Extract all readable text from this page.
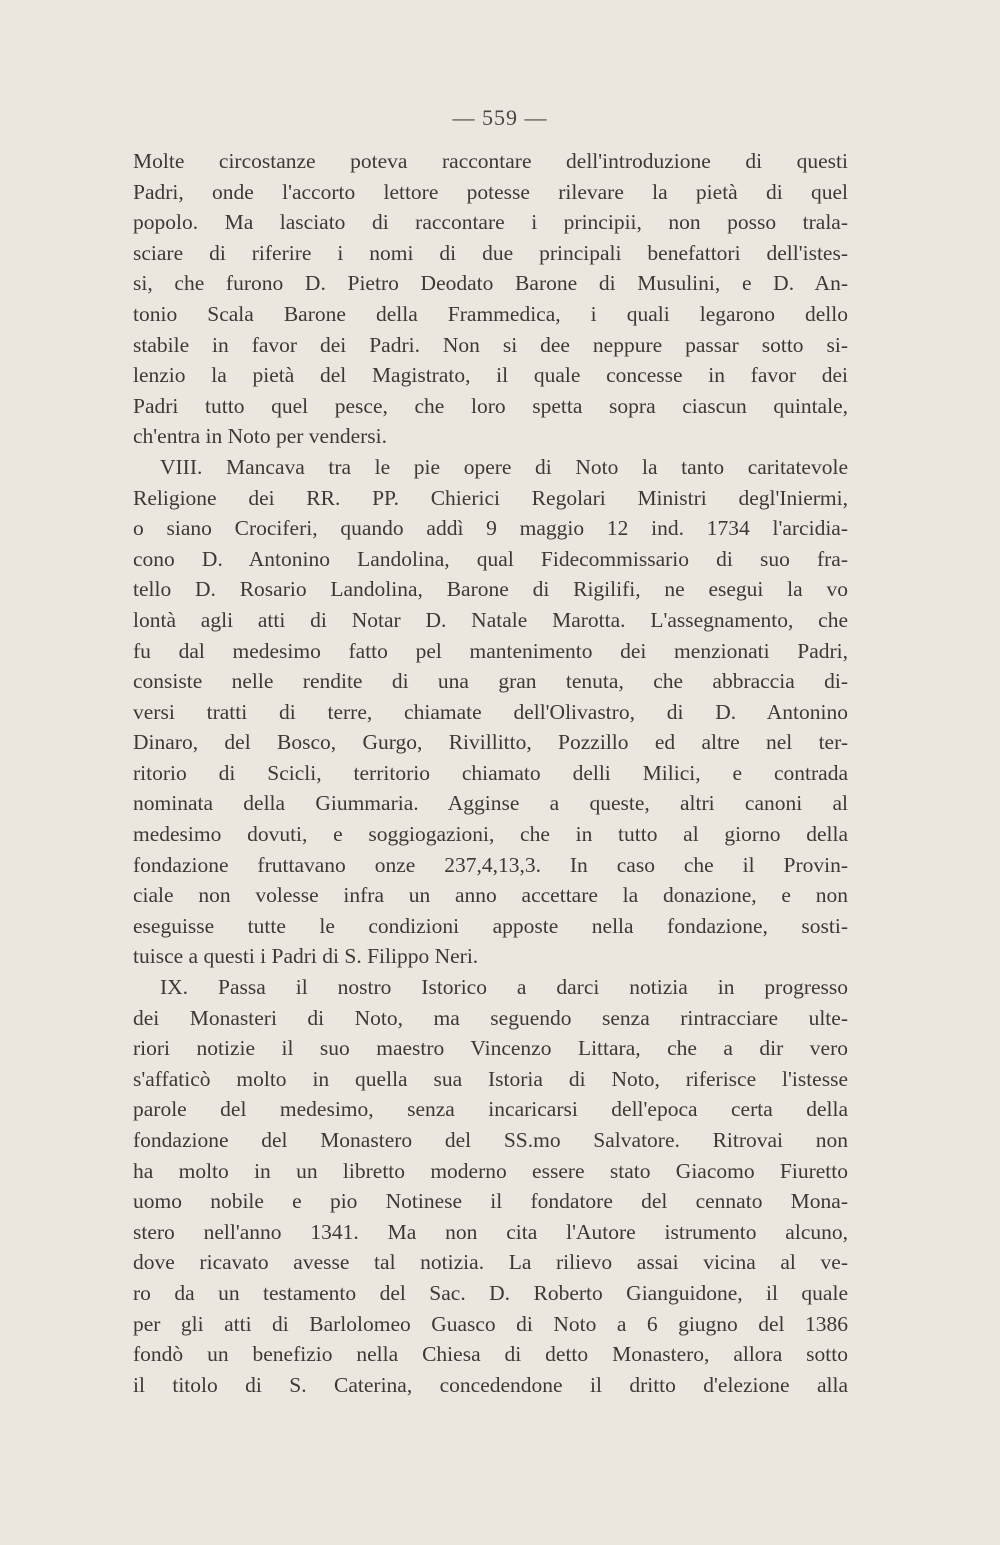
— 559 —
Molte circostanze poteva raccontare dell'introduzione di questi
Padri, onde l'accorto lettore potesse rilevare la pietà di quel
popolo. Ma lasciato di raccontare i principii, non posso trala-
sciare di riferire i nomi di due principali benefattori dell'istes-
si, che furono D. Pietro Deodato Barone di Musulini, e D. An-
tonio Scala Barone della Frammedica, i quali legarono dello
stabile in favor dei Padri. Non si dee neppure passar sotto si-
lenzio la pietà del Magistrato, il quale concesse in favor dei
Padri tutto quel pesce, che loro spetta sopra ciascun quintale,
ch'entra in Noto per vendersi.
VIII. Mancava tra le pie opere di Noto la tanto caritatevole
Religione dei RR. PP. Chierici Regolari Ministri degl'Iniermi,
o siano Crociferi, quando addì 9 maggio 12 ind. 1734 l'arcidia-
cono D. Antonino Landolina, qual Fidecommissario di suo fra-
tello D. Rosario Landolina, Barone di Rigilifi, ne esegui la vo
lontà agli atti di Notar D. Natale Marotta. L'assegnamento, che
fu dal medesimo fatto pel mantenimento dei menzionati Padri,
consiste nelle rendite di una gran tenuta, che abbraccia di-
versi tratti di terre, chiamate dell'Olivastro, di D. Antonino
Dinaro, del Bosco, Gurgo, Rivillitto, Pozzillo ed altre nel ter-
ritorio di Scicli, territorio chiamato delli Milici, e contrada
nominata della Giummaria. Agginse a queste, altri canoni al
medesimo dovuti, e soggiogazioni, che in tutto al giorno della
fondazione fruttavano onze 237,4,13,3. In caso che il Provin-
ciale non volesse infra un anno accettare la donazione, e non
eseguisse tutte le condizioni apposte nella fondazione, sosti-
tuisce a questi i Padri di S. Filippo Neri.
IX. Passa il nostro Istorico a darci notizia in progresso
dei Monasteri di Noto, ma seguendo senza rintracciare ulte-
riori notizie il suo maestro Vincenzo Littara, che a dir vero
s'affaticò molto in quella sua Istoria di Noto, riferisce l'istesse
parole del medesimo, senza incaricarsi dell'epoca certa della
fondazione del Monastero del SS.mo Salvatore. Ritrovai non
ha molto in un libretto moderno essere stato Giacomo Fiuretto
uomo nobile e pio Notinese il fondatore del cennato Mona-
stero nell'anno 1341. Ma non cita l'Autore istrumento alcuno,
dove ricavato avesse tal notizia. La rilievo assai vicina al ve-
ro da un testamento del Sac. D. Roberto Gianguidone, il quale
per gli atti di Barlolomeo Guasco di Noto a 6 giugno del 1386
fondò un benefizio nella Chiesa di detto Monastero, allora sotto
il titolo di S. Caterina, concedendone il dritto d'elezione alla
